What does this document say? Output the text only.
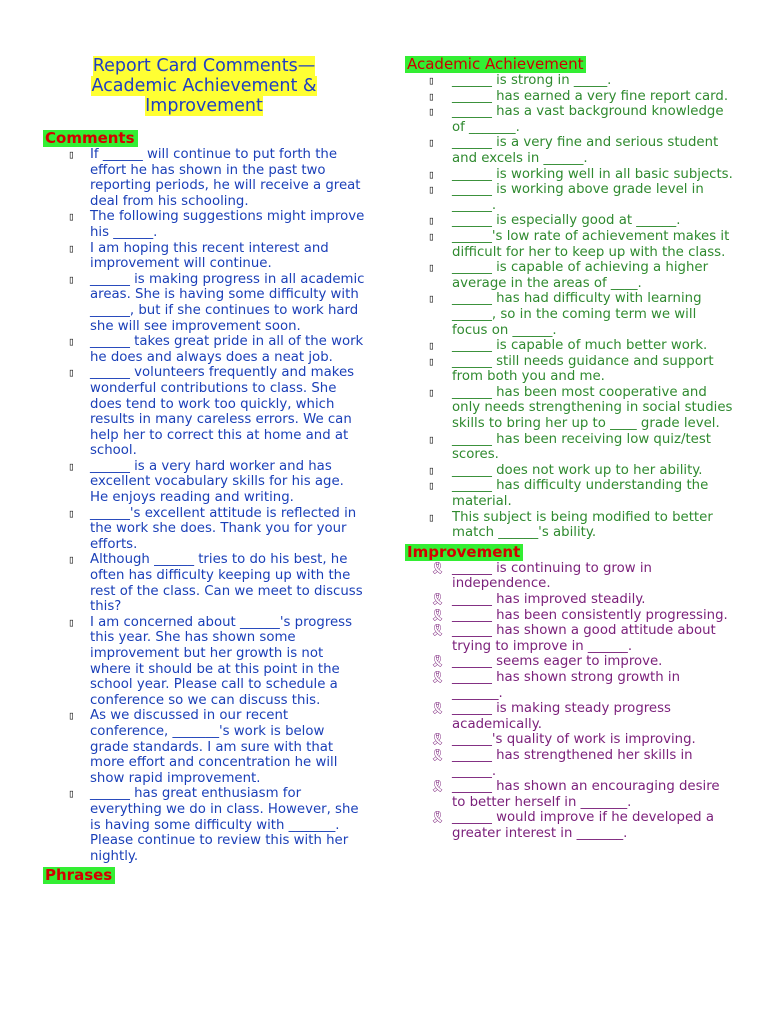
Report Card Comments—
Academic Achievement &
Improvement
Comments
▯ If ______ will continue to put forth the effort he has shown in the past two reporting periods, he will receive a great deal from his schooling.
▯ The following suggestions might improve his ______.
▯ I am hoping this recent interest and improvement will continue.
▯ ______ is making progress in all academic areas. She is having some difficulty with ______, but if she continues to work hard she will see improvement soon.
▯ ______ takes great pride in all of the work he does and always does a neat job.
▯ ______ volunteers frequently and makes wonderful contributions to class. She does tend to work too quickly, which results in many careless errors. We can help her to correct this at home and at school.
▯ ______ is a very hard worker and has excellent vocabulary skills for his age. He enjoys reading and writing.
▯ ______'s excellent attitude is reflected in the work she does. Thank you for your efforts.
▯ Although ______ tries to do his best, he often has difficulty keeping up with the rest of the class. Can we meet to discuss this?
▯ I am concerned about ______'s progress this year. She has shown some improvement but her growth is not where it should be at this point in the school year. Please call to schedule a conference so we can discuss this.
▯ As we discussed in our recent conference, _______'s work is below grade standards. I am sure with that more effort and concentration he will show rapid improvement.
▯ ______ has great enthusiasm for everything we do in class. However, she is having some difficulty with _______. Please continue to review this with her nightly.
Phrases
Academic Achievement
▯ ______ is strong in _____.
▯ ______ has earned a very fine report card.
▯ ______ has a vast background knowledge of _______.
▯ ______ is a very fine and serious student and excels in ______.
▯ ______ is working well in all basic subjects.
▯ ______ is working above grade level in ______.
▯ ______ is especially good at ______.
▯ ______'s low rate of achievement makes it difficult for her to keep up with the class.
▯ ______ is capable of achieving a higher average in the areas of ____.
▯ ______ has had difficulty with learning ______, so in the coming term we will focus on ______.
▯ ______ is capable of much better work.
▯ ______ still needs guidance and support from both you and me.
▯ ______ has been most cooperative and only needs strengthening in social studies skills to bring her up to ____ grade level.
▯ ______ has been receiving low quiz/test scores.
▯ ______ does not work up to her ability.
▯ ______ has difficulty understanding the material.
▯ This subject is being modified to better match ______'s ability.
Improvement
🎗 ______ is continuing to grow in independence.
🎗 ______ has improved steadily.
🎗 ______ has been consistently progressing.
🎗 ______ has shown a good attitude about trying to improve in ______.
🎗 ______ seems eager to improve.
🎗 ______ has shown strong growth in _______.
🎗 ______ is making steady progress academically.
🎗 ______'s quality of work is improving.
🎗 ______ has strengthened her skills in ______.
🎗 ______ has shown an encouraging desire to better herself in _______.
🎗 ______ would improve if he developed a greater interest in _______.
